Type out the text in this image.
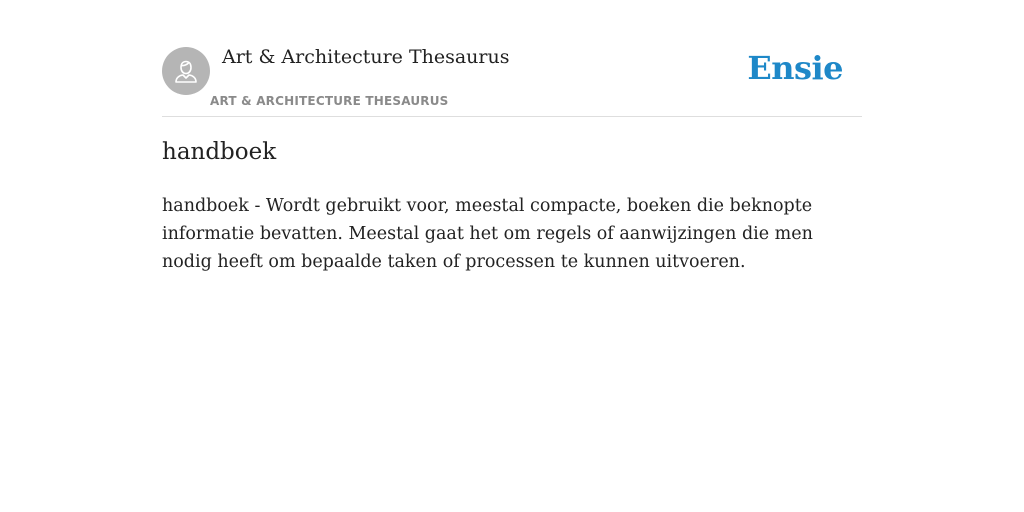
Art & Architecture Thesaurus
ART & ARCHITECTURE THESAURUS
Ensie
handboek

handboek - Wordt gebruikt voor, meestal compacte, boeken die beknopte informatie bevatten. Meestal gaat het om regels of aanwijzingen die men nodig heeft om bepaalde taken of processen te kunnen uitvoeren.
